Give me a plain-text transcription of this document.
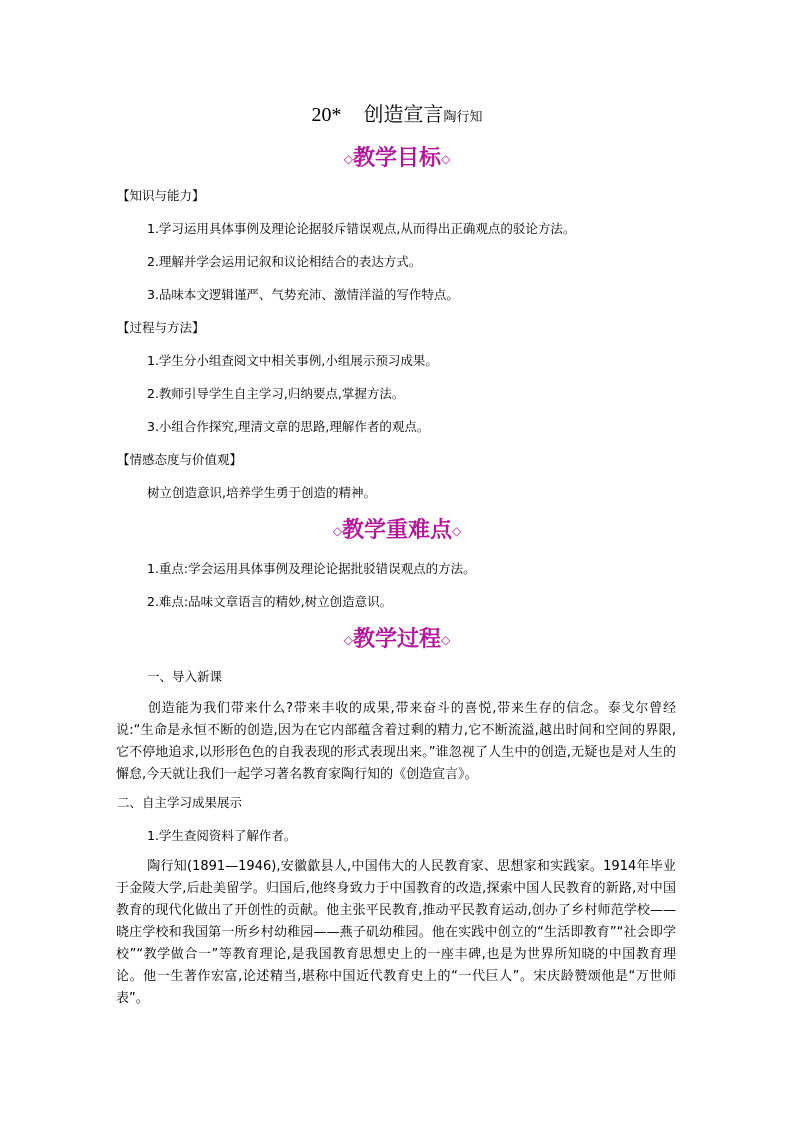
20* 创造宣言陶行知
◇教学目标◇
【知识与能力】
1.学习运用具体事例及理论论据驳斥错误观点,从而得出正确观点的驳论方法。
2.理解并学会运用记叙和议论相结合的表达方式。
3.品味本文逻辑谨严、气势充沛、激情洋溢的写作特点。
【过程与方法】
1.学生分小组查阅文中相关事例,小组展示预习成果。
2.教师引导学生自主学习,归纳要点,掌握方法。
3.小组合作探究,理清文章的思路,理解作者的观点。
【情感态度与价值观】
树立创造意识,培养学生勇于创造的精神。
◇教学重难点◇
1.重点:学会运用具体事例及理论论据批驳错误观点的方法。
2.难点:品味文章语言的精妙,树立创造意识。
◇教学过程◇
一、导入新课
创造能为我们带来什么?带来丰收的成果,带来奋斗的喜悦,带来生存的信念。泰戈尔曾经说:“生命是永恒不断的创造,因为在它内部蕴含着过剩的精力,它不断流溢,越出时间和空间的界限,它不停地追求,以形形色色的自我表现的形式表现出来。”谁忽视了人生中的创造,无疑也是对人生的懈怠,今天就让我们一起学习著名教育家陶行知的《创造宣言》。
二、自主学习成果展示
1.学生查阅资料了解作者。
陶行知(1891—1946),安徽歙县人,中国伟大的人民教育家、思想家和实践家。1914年毕业于金陵大学,后赴美留学。归国后,他终身致力于中国教育的改造,探索中国人民教育的新路,对中国教育的现代化做出了开创性的贡献。他主张平民教育,推动平民教育运动,创办了乡村师范学校——晓庄学校和我国第一所乡村幼稚园——燕子矶幼稚园。他在实践中创立的“生活即教育”“社会即学校”“教学做合一”等教育理论,是我国教育思想史上的一座丰碑,也是为世界所知晓的中国教育理论。他一生著作宏富,论述精当,堪称中国近代教育史上的“一代巨人”。宋庆龄赞颂他是“万世师表”。
